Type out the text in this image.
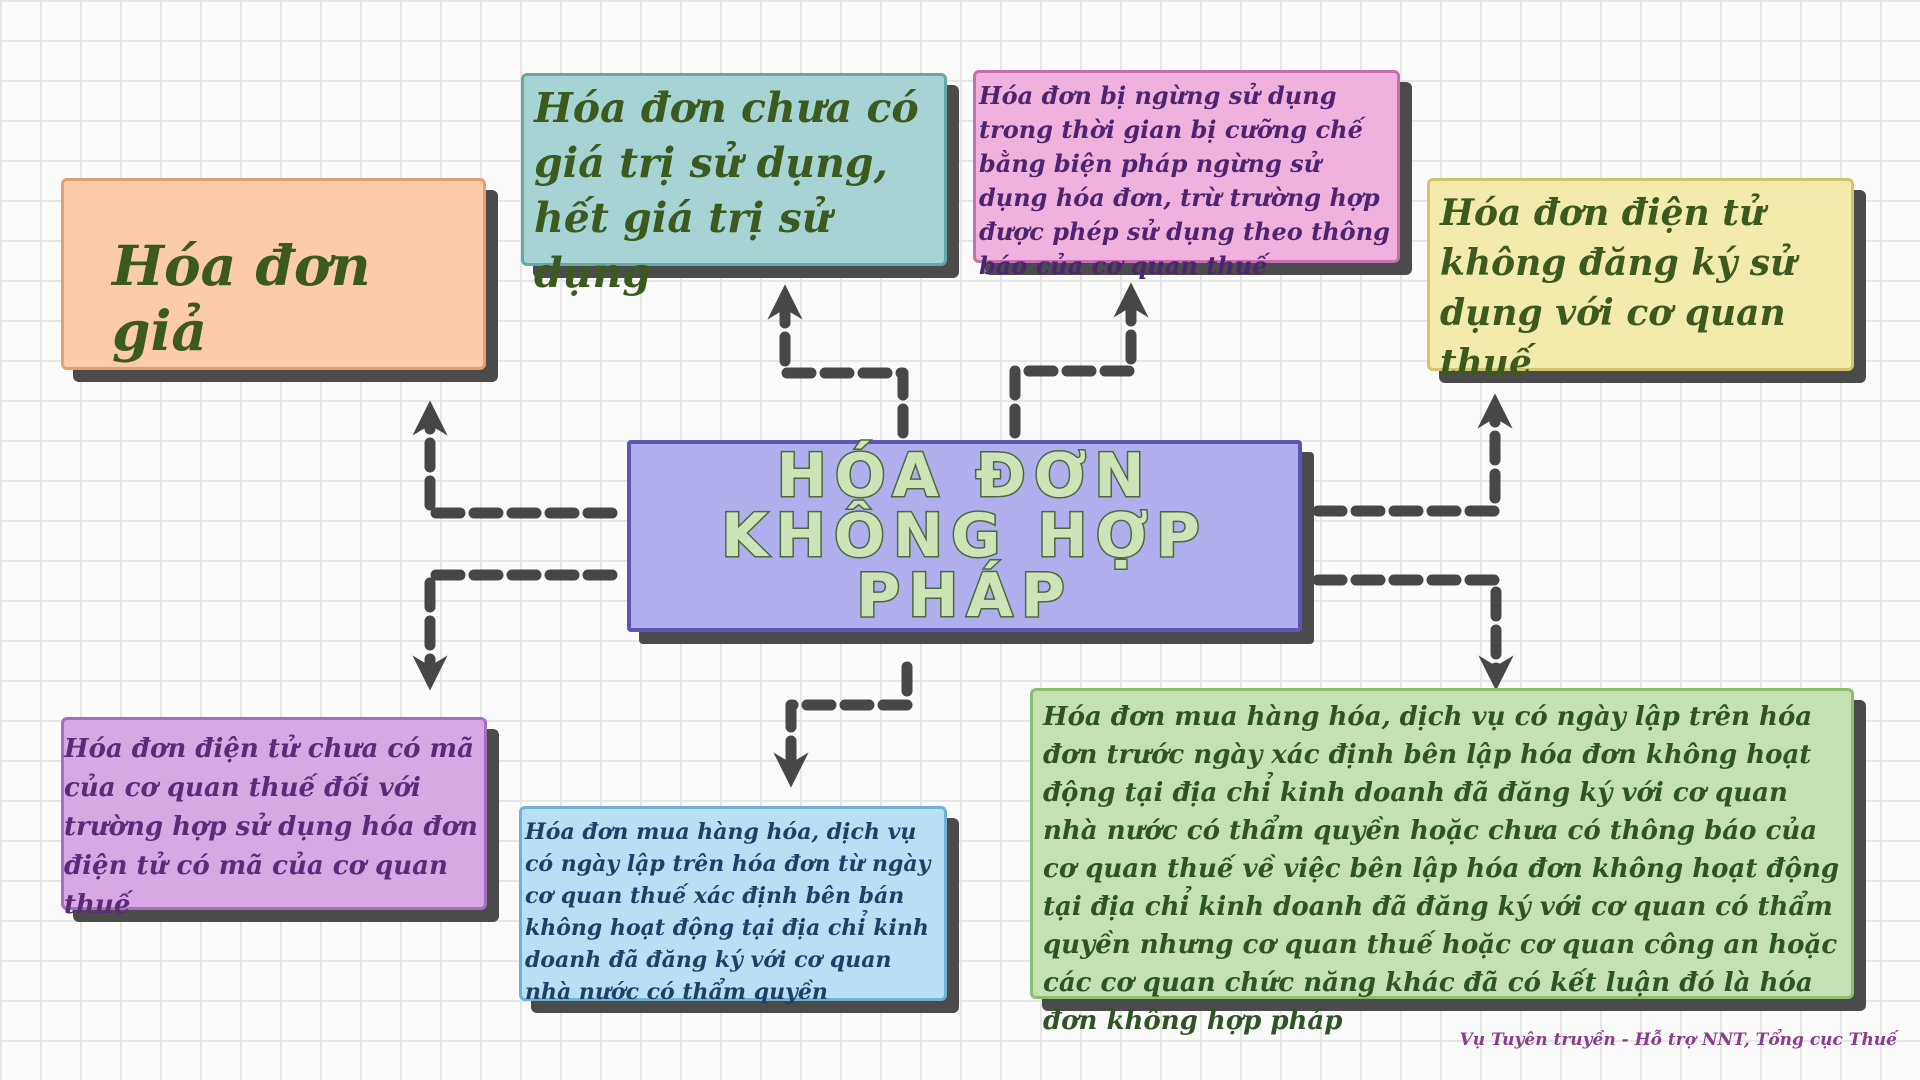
HÓA ĐƠN
KHÔNG HỢP PHÁP

Hóa đơn giả

Hóa đơn chưa có giá trị sử dụng, hết giá trị sử dụng

Hóa đơn bị ngừng sử dụng trong thời gian bị cưỡng chế bằng biện pháp ngừng sử dụng hóa đơn, trừ trường hợp được phép sử dụng theo thông báo của cơ quan thuế

Hóa đơn điện tử không đăng ký sử dụng với cơ quan thuế

Hóa đơn điện tử chưa có mã của cơ quan thuế đối với trường hợp sử dụng hóa đơn điện tử có mã của cơ quan thuế

Hóa đơn mua hàng hóa, dịch vụ có ngày lập trên hóa đơn từ ngày cơ quan thuế xác định bên bán không hoạt động tại địa chỉ kinh doanh đã đăng ký với cơ quan nhà nước có thẩm quyền

Hóa đơn mua hàng hóa, dịch vụ có ngày lập trên hóa đơn trước ngày xác định bên lập hóa đơn không hoạt động tại địa chỉ kinh doanh đã đăng ký với cơ quan nhà nước có thẩm quyền hoặc chưa có thông báo của cơ quan thuế về việc bên lập hóa đơn không hoạt động tại địa chỉ kinh doanh đã đăng ký với cơ quan có thẩm quyền nhưng cơ quan thuế hoặc cơ quan công an hoặc các cơ quan chức năng khác đã có kết luận đó là hóa đơn không hợp pháp

Vụ Tuyên truyền - Hỗ trợ NNT, Tổng cục Thuế
